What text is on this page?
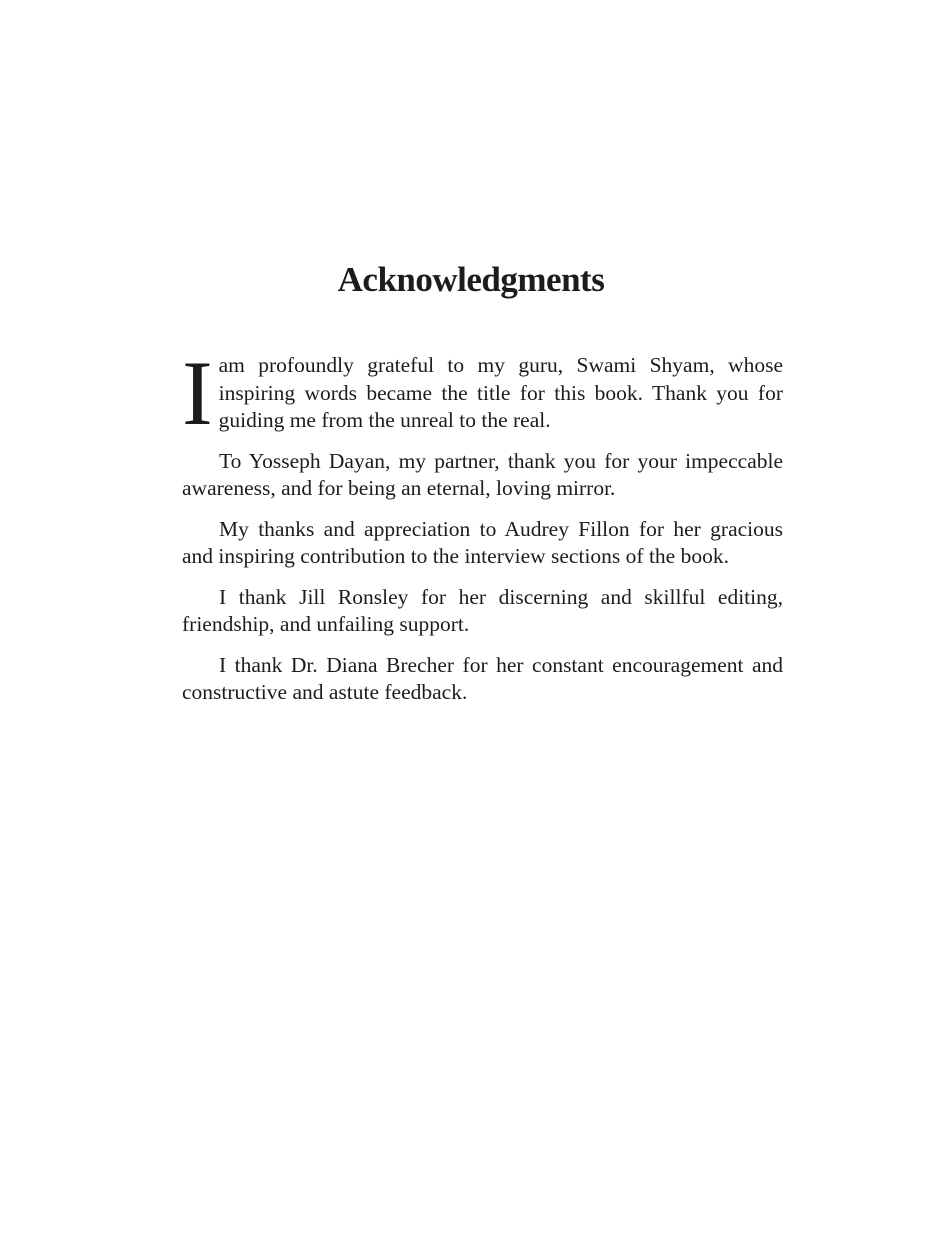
Acknowledgments

I am profoundly grateful to my guru, Swami Shyam, whose inspiring words became the title for this book. Thank you for guiding me from the unreal to the real.

To Yosseph Dayan, my partner, thank you for your impeccable awareness, and for being an eternal, loving mirror.

My thanks and appreciation to Audrey Fillon for her gracious and inspiring contribution to the interview sections of the book.

I thank Jill Ronsley for her discerning and skillful editing, friendship, and unfailing support.

I thank Dr. Diana Brecher for her constant encouragement and constructive and astute feedback.
